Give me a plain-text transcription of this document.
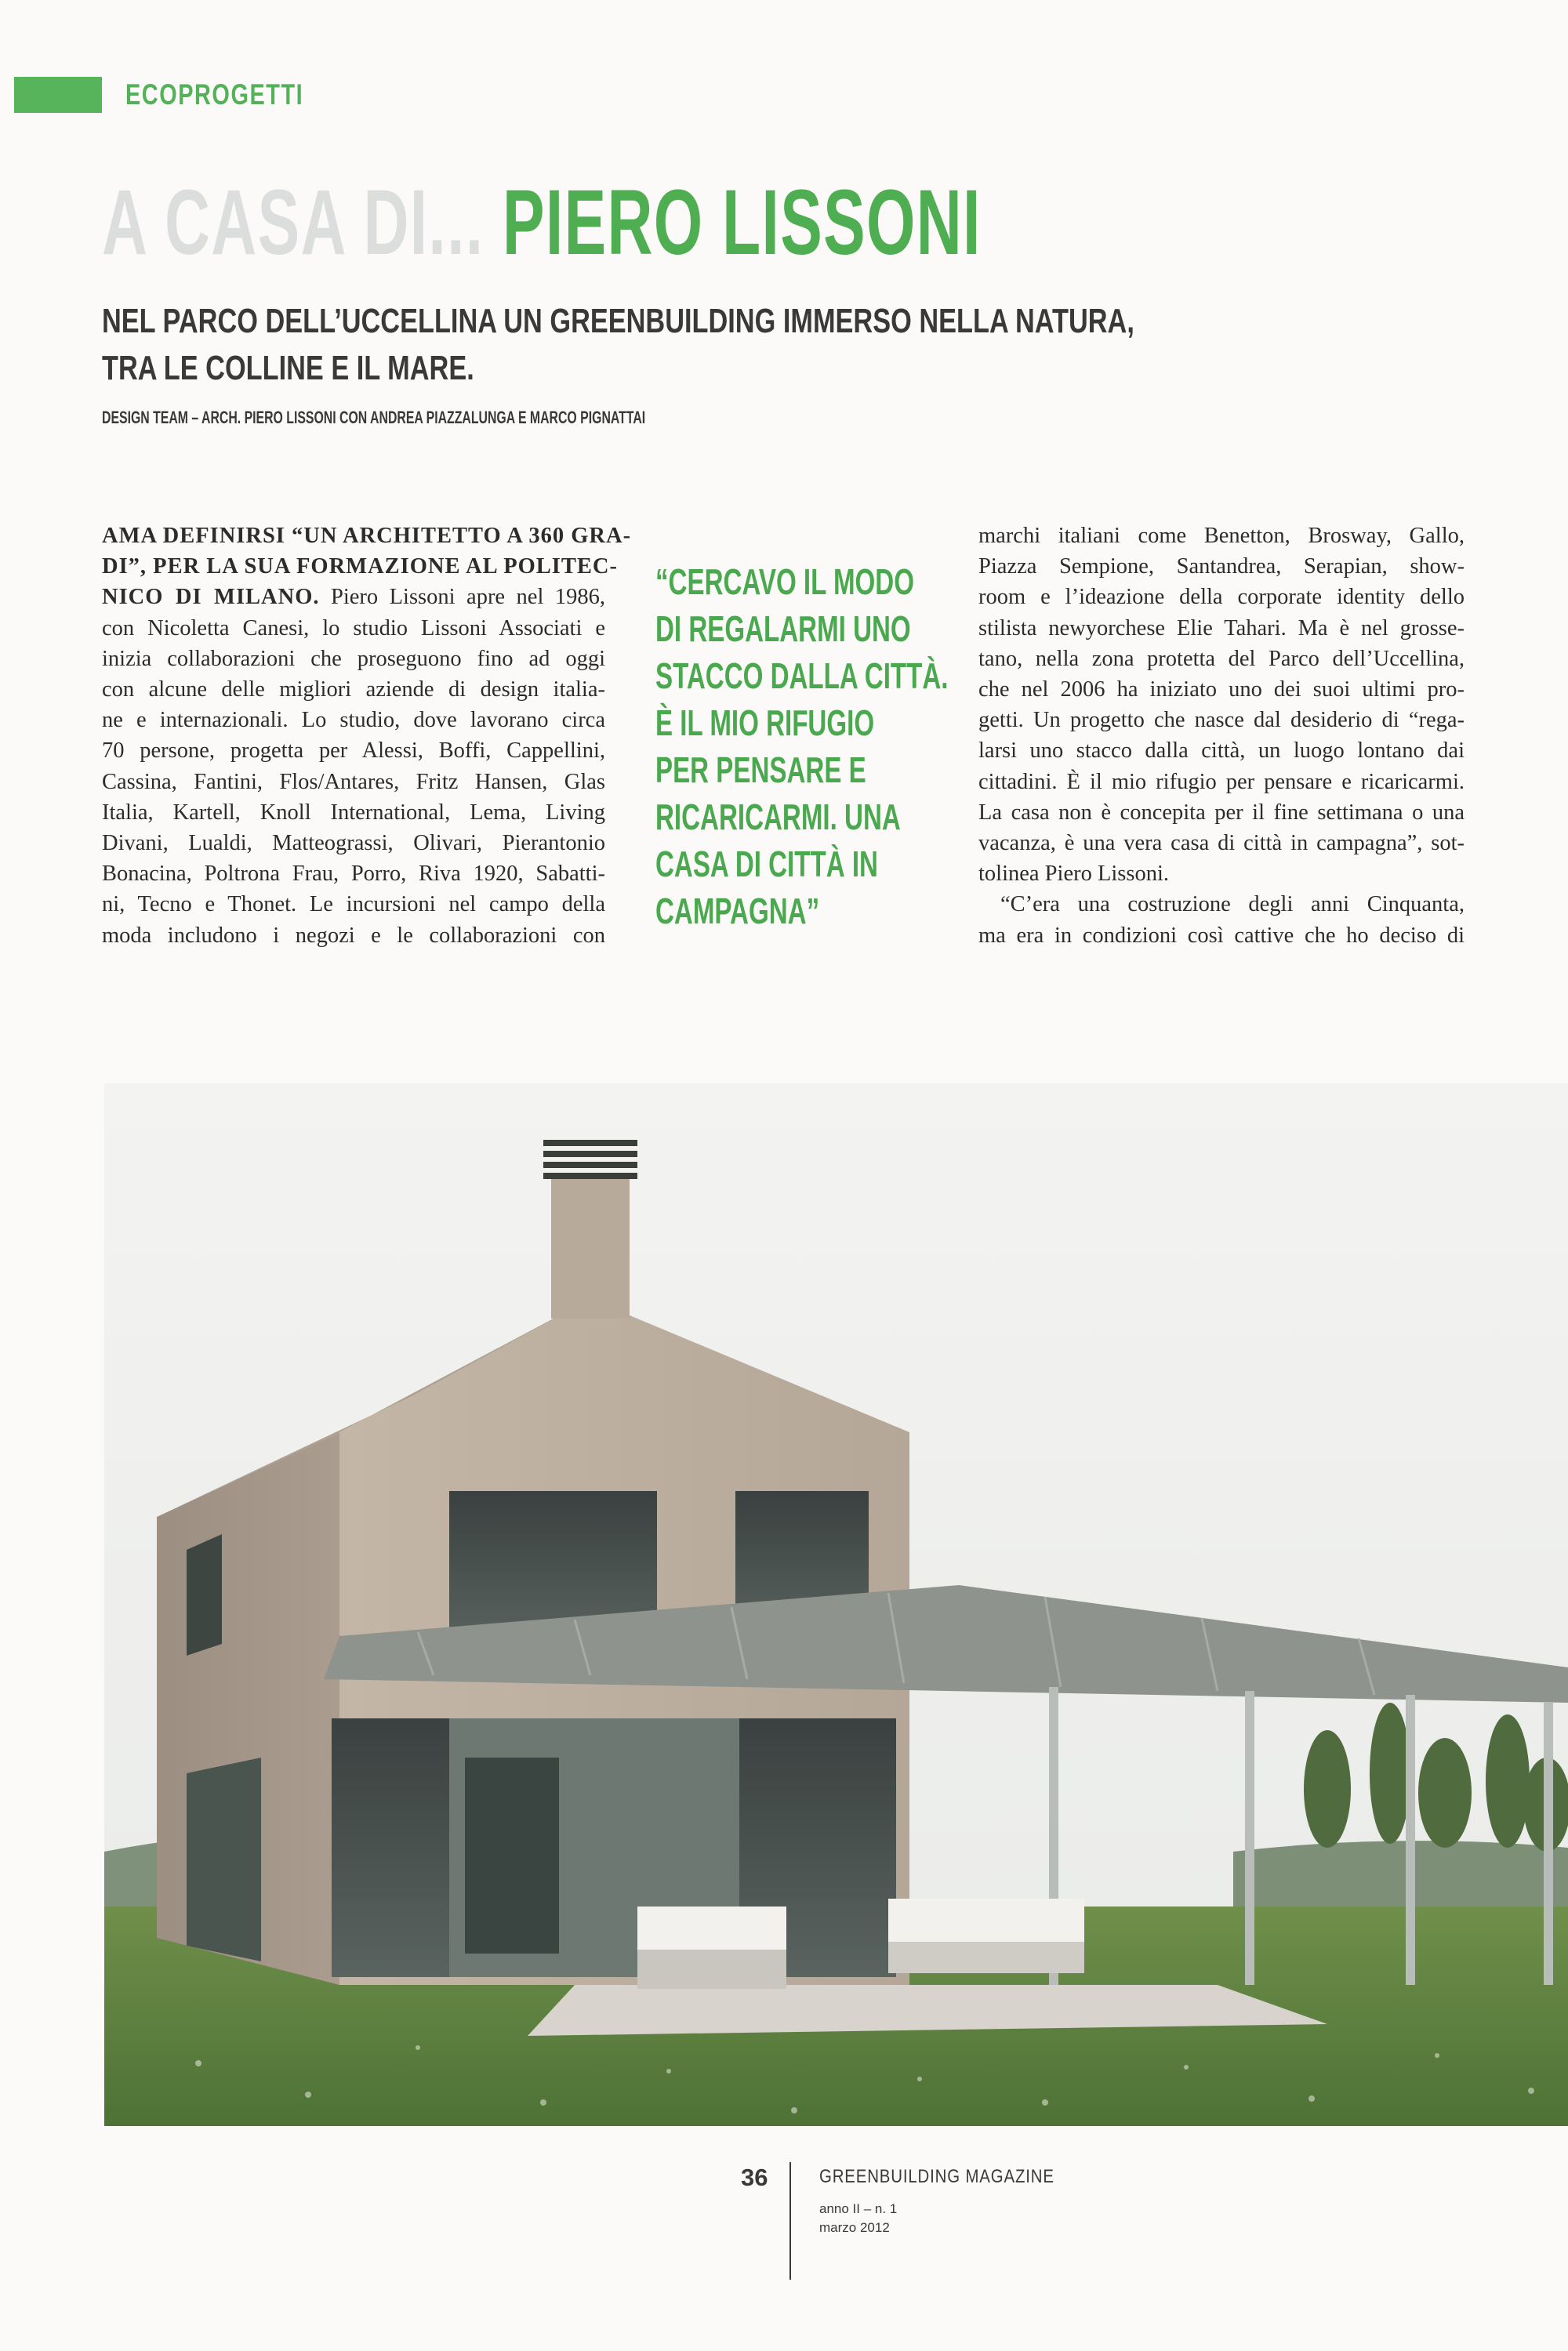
ECOPROGETTI
A CASA DI... PIERO LISSONI
NEL PARCO DELL’UCCELLINA UN GREENBUILDING IMMERSO NELLA NATURA,
TRA LE COLLINE E IL MARE.
DESIGN TEAM – ARCH. PIERO LISSONI CON ANDREA PIAZZALUNGA E MARCO PIGNATTAI
AMA DEFINIRSI “UN ARCHITETTO A 360 GRA-
DI”, PER LA SUA FORMAZIONE AL POLITEC-
NICO DI MILANO. Piero Lissoni apre nel 1986,
con Nicoletta Canesi, lo studio Lissoni Associati e
inizia collaborazioni che proseguono fino ad oggi
con alcune delle migliori aziende di design italia-
ne e internazionali. Lo studio, dove lavorano circa
70 persone, progetta per Alessi, Boffi, Cappellini,
Cassina, Fantini, Flos/Antares, Fritz Hansen, Glas
Italia, Kartell, Knoll International, Lema, Living
Divani, Lualdi, Matteograssi, Olivari, Pierantonio
Bonacina, Poltrona Frau, Porro, Riva 1920, Sabatti-
ni, Tecno e Thonet. Le incursioni nel campo della
moda includono i negozi e le collaborazioni con
“CERCAVO IL MODO
DI REGALARMI UNO
STACCO DALLA CITTÀ.
È IL MIO RIFUGIO
PER PENSARE E
RICARICARMI. UNA
CASA DI CITTÀ IN
CAMPAGNA”
marchi italiani come Benetton, Brosway, Gallo,
Piazza Sempione, Santandrea, Serapian, show-
room e l’ideazione della corporate identity dello
stilista newyorchese Elie Tahari. Ma è nel grosse-
tano, nella zona protetta del Parco dell’Uccellina,
che nel 2006 ha iniziato uno dei suoi ultimi pro-
getti. Un progetto che nasce dal desiderio di “rega-
larsi uno stacco dalla città, un luogo lontano dai
cittadini. È il mio rifugio per pensare e ricaricarmi.
La casa non è concepita per il fine settimana o una
vacanza, è una vera casa di città in campagna”, sot-
tolinea Piero Lissoni.
“C’era una costruzione degli anni Cinquanta,
ma era in condizioni così cattive che ho deciso di
36	GREENBUILDING MAGAZINE
anno II – n. 1
marzo 2012
